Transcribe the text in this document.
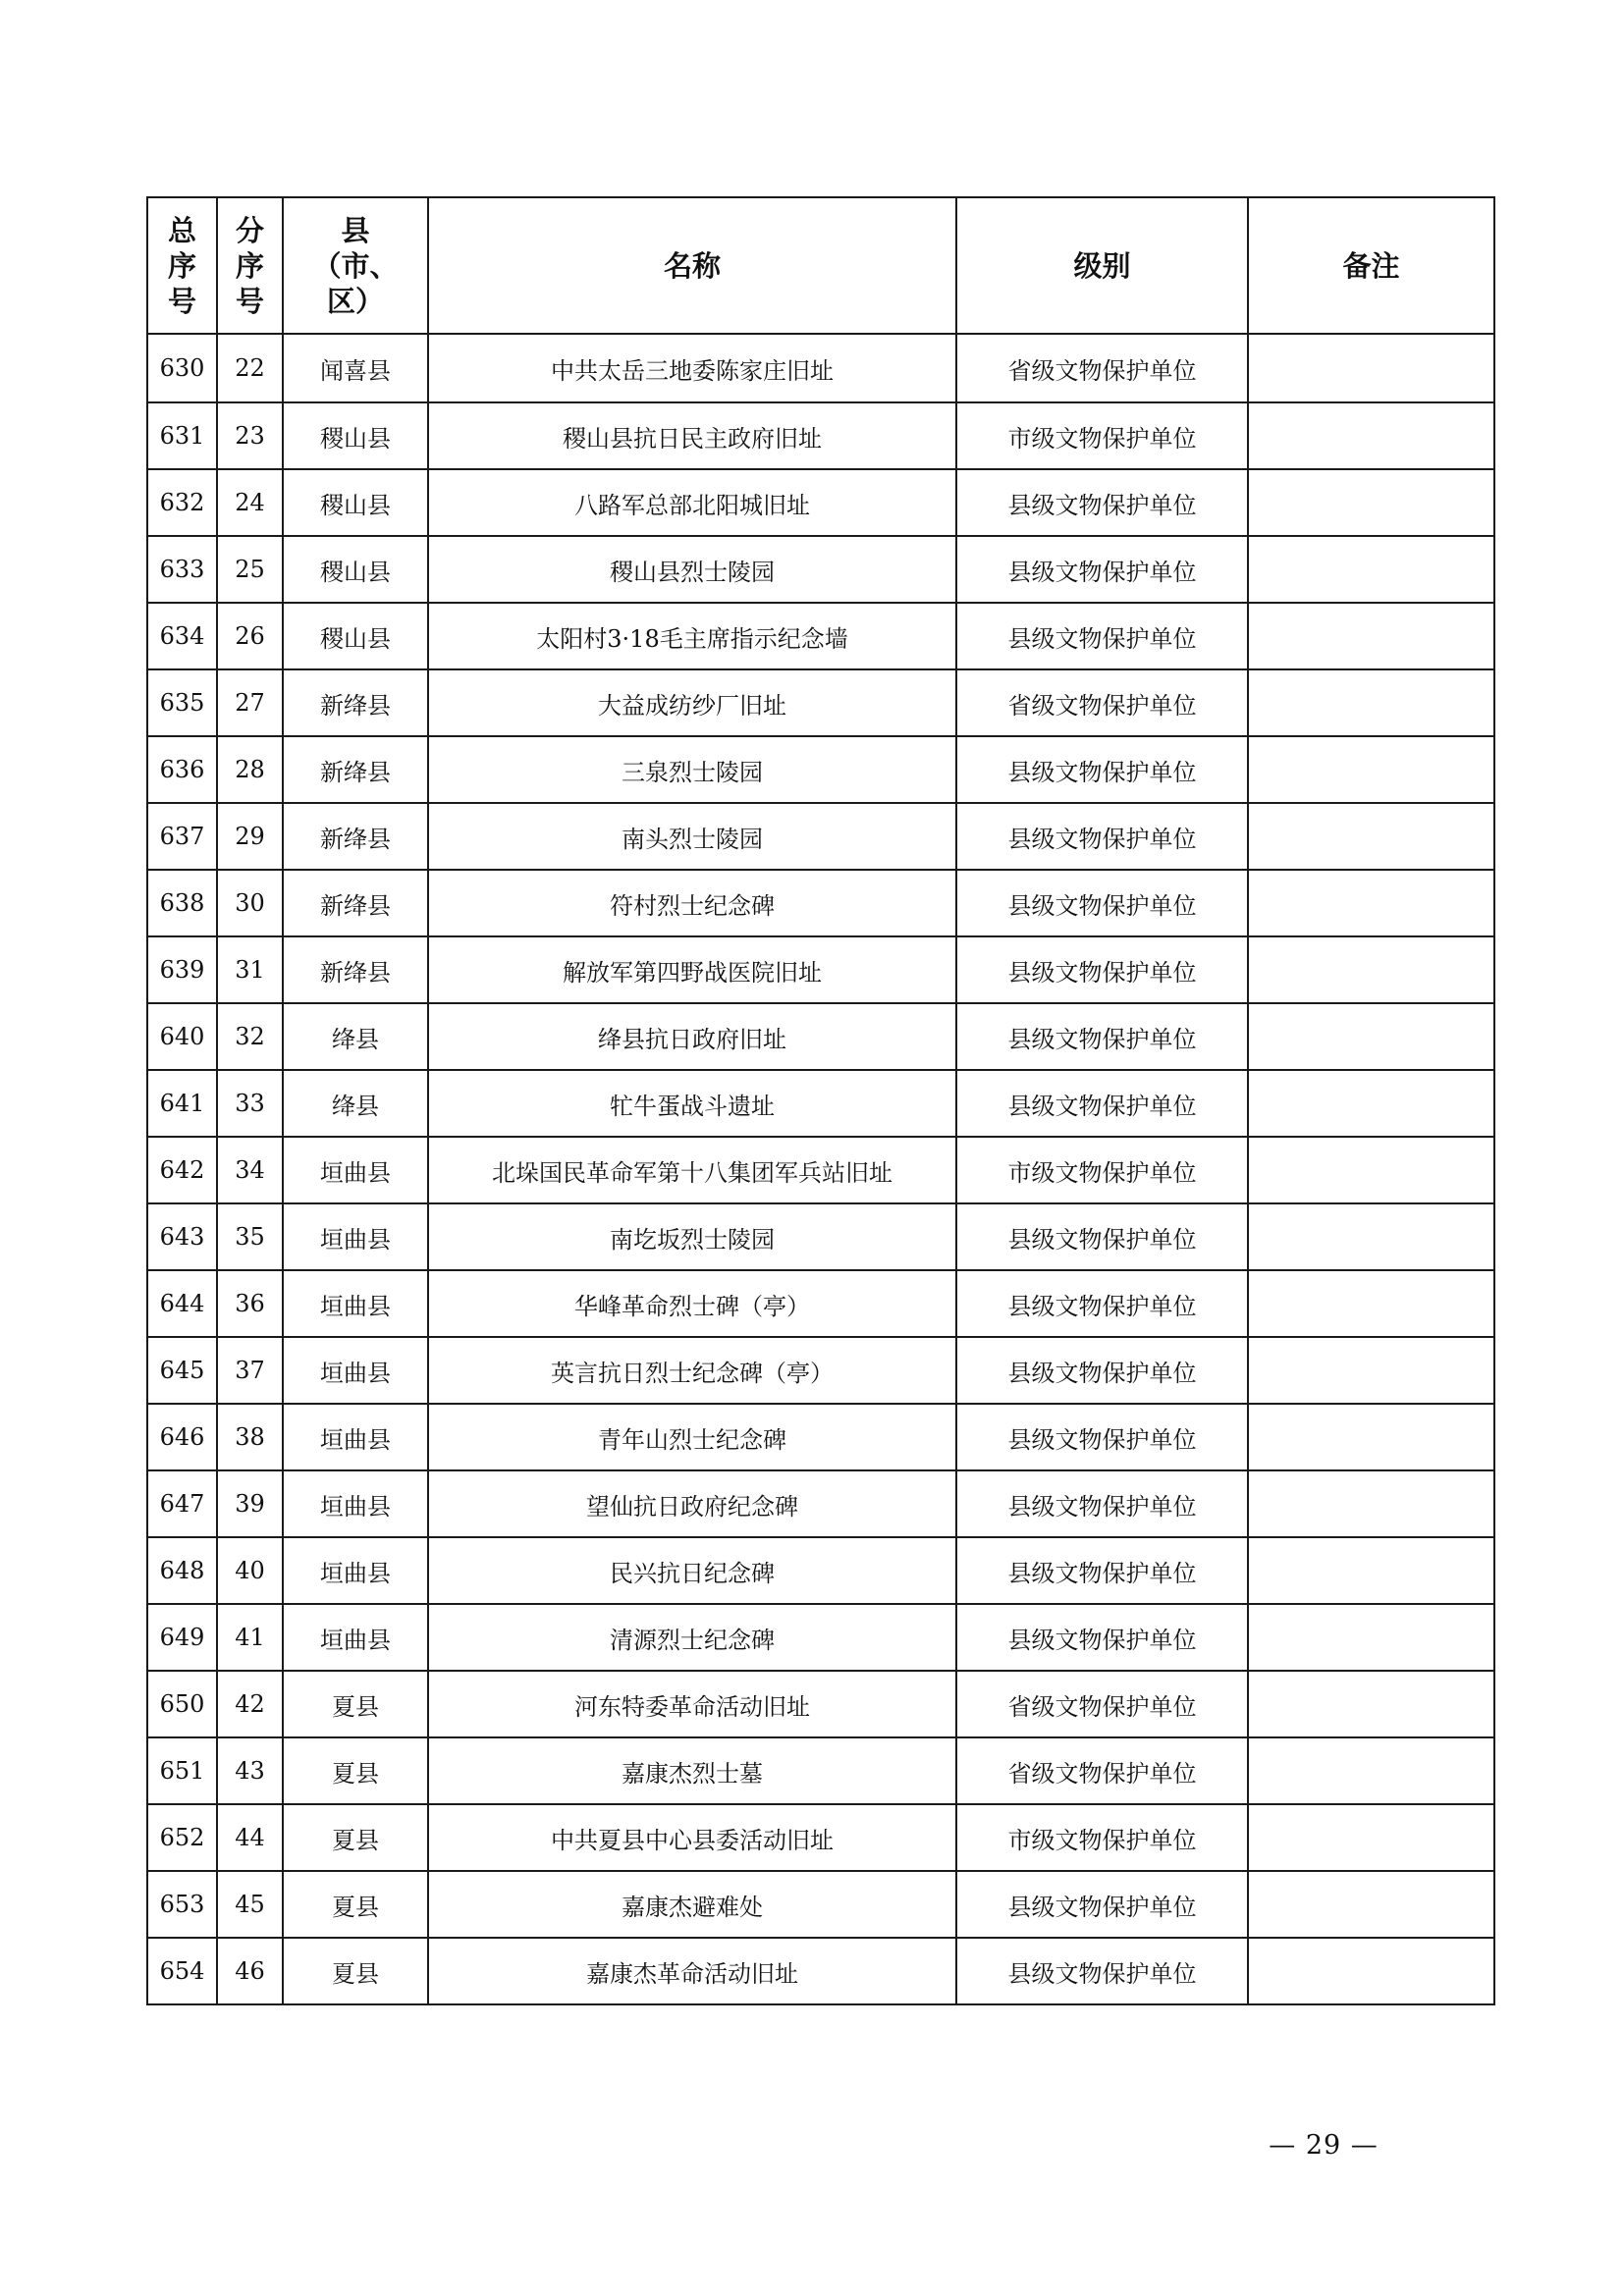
总
序
号	分
序
号	县
（市、
区）	名称	级别	备注
630	22	闻喜县	中共太岳三地委陈家庄旧址	省级文物保护单位	
631	23	稷山县	稷山县抗日民主政府旧址	市级文物保护单位	
632	24	稷山县	八路军总部北阳城旧址	县级文物保护单位	
633	25	稷山县	稷山县烈士陵园	县级文物保护单位	
634	26	稷山县	太阳村3·18毛主席指示纪念墙	县级文物保护单位	
635	27	新绛县	大益成纺纱厂旧址	省级文物保护单位	
636	28	新绛县	三泉烈士陵园	县级文物保护单位	
637	29	新绛县	南头烈士陵园	县级文物保护单位	
638	30	新绛县	符村烈士纪念碑	县级文物保护单位	
639	31	新绛县	解放军第四野战医院旧址	县级文物保护单位	
640	32	绛县	绛县抗日政府旧址	县级文物保护单位	
641	33	绛县	牤牛蛋战斗遗址	县级文物保护单位	
642	34	垣曲县	北垛国民革命军第十八集团军兵站旧址	市级文物保护单位	
643	35	垣曲县	南圪坂烈士陵园	县级文物保护单位	
644	36	垣曲县	华峰革命烈士碑（亭）	县级文物保护单位	
645	37	垣曲县	英言抗日烈士纪念碑（亭）	县级文物保护单位	
646	38	垣曲县	青年山烈士纪念碑	县级文物保护单位	
647	39	垣曲县	望仙抗日政府纪念碑	县级文物保护单位	
648	40	垣曲县	民兴抗日纪念碑	县级文物保护单位	
649	41	垣曲县	清源烈士纪念碑	县级文物保护单位	
650	42	夏县	河东特委革命活动旧址	省级文物保护单位	
651	43	夏县	嘉康杰烈士墓	省级文物保护单位	
652	44	夏县	中共夏县中心县委活动旧址	市级文物保护单位	
653	45	夏县	嘉康杰避难处	县级文物保护单位	
654	46	夏县	嘉康杰革命活动旧址	县级文物保护单位	
— 29 —
